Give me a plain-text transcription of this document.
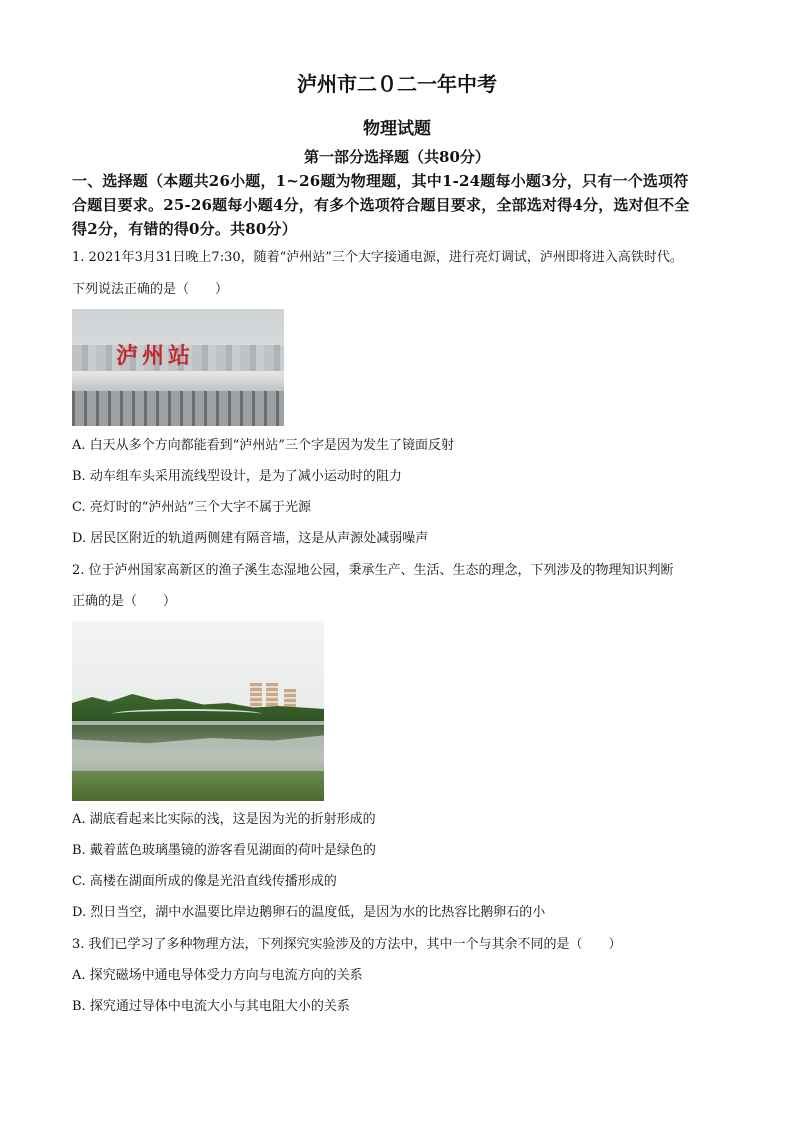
泸州市二０二一年中考
物理试题
第一部分选择题（共80分）
一、选择题（本题共26小题，1~26题为物理题，其中1-24题每小题3分，只有一个选项符
合题目要求。25-26题每小题4分，有多个选项符合题目要求，全部选对得4分，选对但不全
得2分，有错的得0分。共80分）
1. 2021年3月31日晚上7:30，随着“泸州站”三个大字接通电源，进行亮灯调试，泸州即将进入高铁时代。
下列说法正确的是（　　）
泸州站
A. 白天从多个方向都能看到“泸州站”三个字是因为发生了镜面反射
B. 动车组车头采用流线型设计，是为了减小运动时的阻力
C. 亮灯时的“泸州站”三个大字不属于光源
D. 居民区附近的轨道两侧建有隔音墙，这是从声源处减弱噪声
2. 位于泸州国家高新区的渔子溪生态湿地公园，秉承生产、生活、生态的理念，下列涉及的物理知识判断
正确的是（　　）
A. 湖底看起来比实际的浅，这是因为光的折射形成的
B. 戴着蓝色玻璃墨镜的游客看见湖面的荷叶是绿色的
C. 高楼在湖面所成的像是光沿直线传播形成的
D. 烈日当空，湖中水温要比岸边鹅卵石的温度低，是因为水的比热容比鹅卵石的小
3. 我们已学习了多种物理方法，下列探究实验涉及的方法中，其中一个与其余不同的是（　　）
A. 探究磁场中通电导体受力方向与电流方向的关系
B. 探究通过导体中电流大小与其电阻大小的关系
